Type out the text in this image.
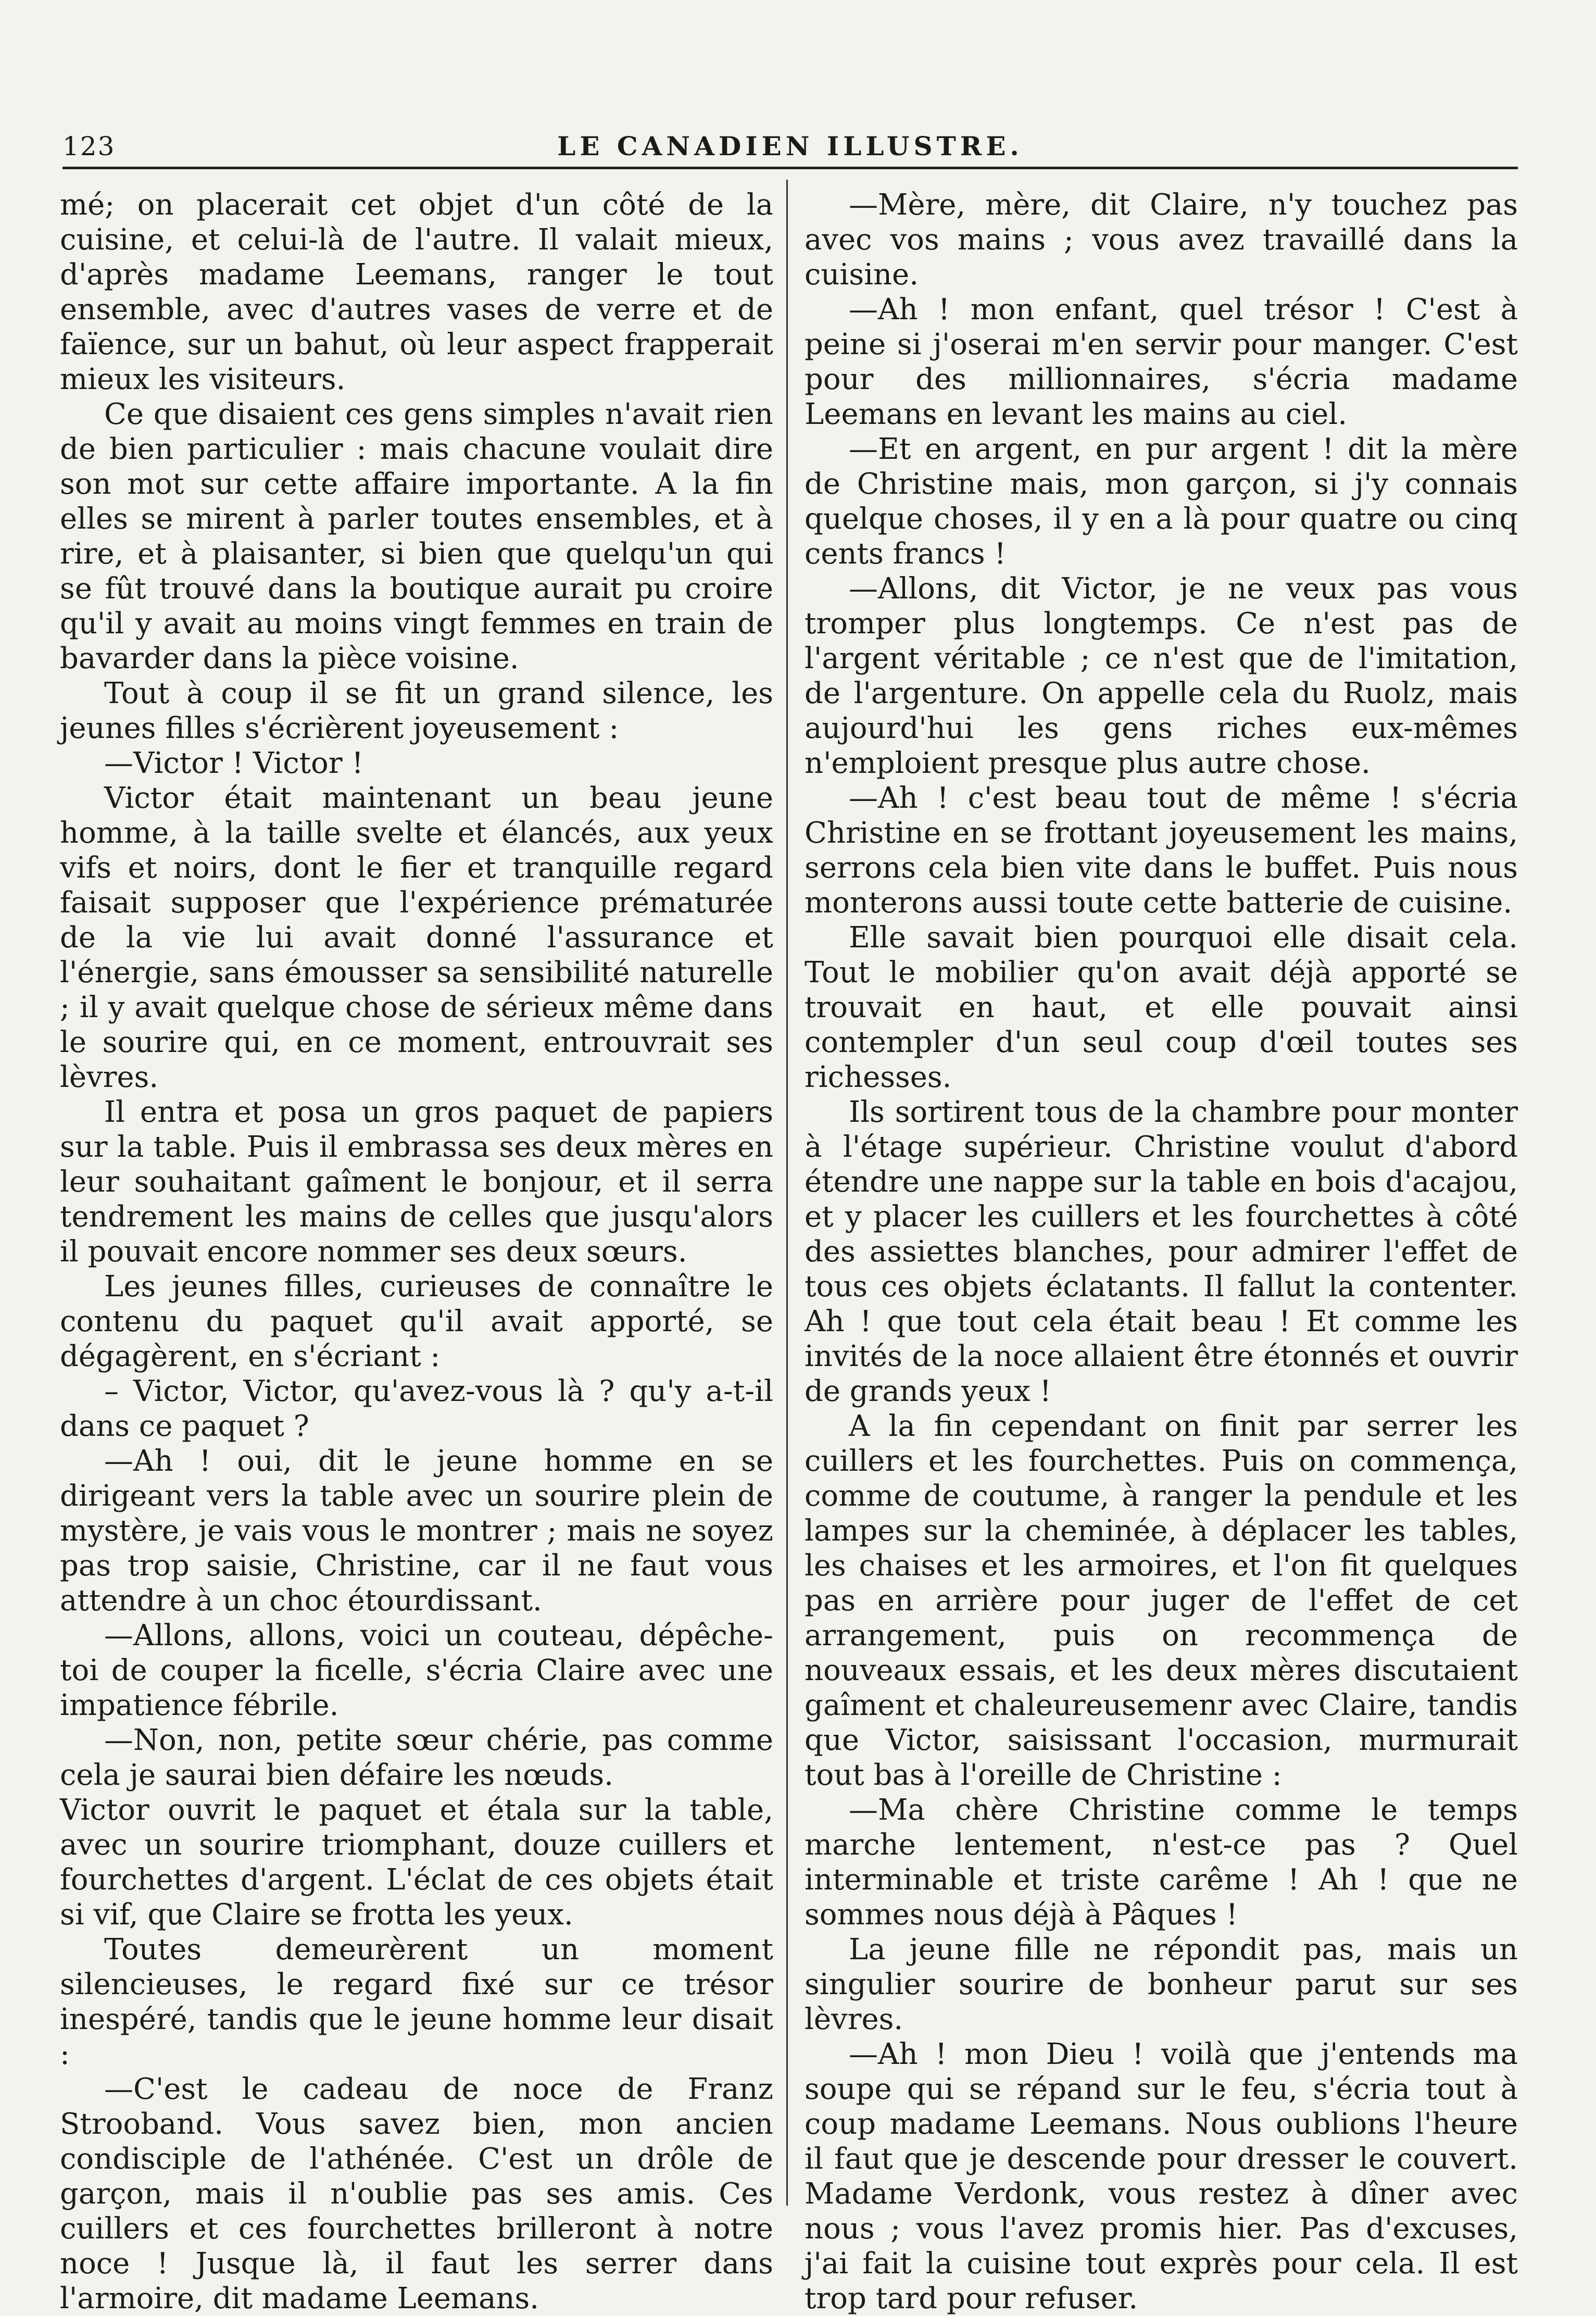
123	LE CANADIEN ILLUSTRE.

mé; on placerait cet objet d'un côté de la cuisine, et celui-là de l'autre. Il valait mieux, d'après madame Leemans, ranger le tout ensemble, avec d'autres vases de verre et de faïence, sur un bahut, où leur aspect frapperait mieux les visiteurs.

Ce que disaient ces gens simples n'avait rien de bien particulier : mais chacune voulait dire son mot sur cette affaire importante. A la fin elles se mirent à parler toutes ensembles, et à rire, et à plaisanter, si bien que quelqu'un qui se fût trouvé dans la boutique aurait pu croire qu'il y avait au moins vingt femmes en train de bavarder dans la pièce voisine.

Tout à coup il se fit un grand silence, les jeunes filles s'écrièrent joyeusement :

—Victor ! Victor !

Victor était maintenant un beau jeune homme, à la taille svelte et élancés, aux yeux vifs et noirs, dont le fier et tranquille regard faisait supposer que l'expérience prématurée de la vie lui avait donné l'assurance et l'énergie, sans émousser sa sensibilité naturelle ; il y avait quelque chose de sérieux même dans le sourire qui, en ce moment, entrouvrait ses lèvres.

Il entra et posa un gros paquet de papiers sur la table. Puis il embrassa ses deux mères en leur souhaitant gaîment le bonjour, et il serra tendrement les mains de celles que jusqu'alors il pouvait encore nommer ses deux sœurs.

Les jeunes filles, curieuses de connaître le contenu du paquet qu'il avait apporté, se dégagèrent, en s'écriant :

– Victor, Victor, qu'avez-vous là ? qu'y a-t-il dans ce paquet ?

—Ah ! oui, dit le jeune homme en se dirigeant vers la table avec un sourire plein de mystère, je vais vous le montrer ; mais ne soyez pas trop saisie, Christine, car il ne faut vous attendre à un choc étourdissant.

—Allons, allons, voici un couteau, dépêche-toi de couper la ficelle, s'écria Claire avec une impatience fébrile.

—Non, non, petite sœur chérie, pas comme cela je saurai bien défaire les nœuds.

Victor ouvrit le paquet et étala sur la table, avec un sourire triomphant, douze cuillers et fourchettes d'argent. L'éclat de ces objets était si vif, que Claire se frotta les yeux.

Toutes demeurèrent un moment silencieuses, le regard fixé sur ce trésor inespéré, tandis que le jeune homme leur disait :

—C'est le cadeau de noce de Franz Strooband. Vous savez bien, mon ancien condisciple de l'athénée. C'est un drôle de garçon, mais il n'oublie pas ses amis. Ces cuillers et ces fourchettes brilleront à notre noce ! Jusque là, il faut les serrer dans l'armoire, dit madame Leemans.

—Mère, mère, dit Claire, n'y touchez pas avec vos mains ; vous avez travaillé dans la cuisine.

—Ah ! mon enfant, quel trésor ! C'est à peine si j'oserai m'en servir pour manger. C'est pour des millionnaires, s'écria madame Leemans en levant les mains au ciel.

—Et en argent, en pur argent ! dit la mère de Christine mais, mon garçon, si j'y connais quelque choses, il y en a là pour quatre ou cinq cents francs !

—Allons, dit Victor, je ne veux pas vous tromper plus longtemps. Ce n'est pas de l'argent véritable ; ce n'est que de l'imitation, de l'argenture. On appelle cela du Ruolz, mais aujourd'hui les gens riches eux-mêmes n'emploient presque plus autre chose.

—Ah ! c'est beau tout de même ! s'écria Christine en se frottant joyeusement les mains, serrons cela bien vite dans le buffet. Puis nous monterons aussi toute cette batterie de cuisine.

Elle savait bien pourquoi elle disait cela. Tout le mobilier qu'on avait déjà apporté se trouvait en haut, et elle pouvait ainsi contempler d'un seul coup d'œil toutes ses richesses.

Ils sortirent tous de la chambre pour monter à l'étage supérieur. Christine voulut d'abord étendre une nappe sur la table en bois d'acajou, et y placer les cuillers et les fourchettes à côté des assiettes blanches, pour admirer l'effet de tous ces objets éclatants. Il fallut la contenter. Ah ! que tout cela était beau ! Et comme les invités de la noce allaient être étonnés et ouvrir de grands yeux !

A la fin cependant on finit par serrer les cuillers et les fourchettes. Puis on commença, comme de coutume, à ranger la pendule et les lampes sur la cheminée, à déplacer les tables, les chaises et les armoires, et l'on fit quelques pas en arrière pour juger de l'effet de cet arrangement, puis on recommença de nouveaux essais, et les deux mères discutaient gaîment et chaleureusemenr avec Claire, tandis que Victor, saisissant l'occasion, murmurait tout bas à l'oreille de Christine :

—Ma chère Christine comme le temps marche lentement, n'est-ce pas ? Quel interminable et triste carême ! Ah ! que ne sommes nous déjà à Pâques !

La jeune fille ne répondit pas, mais un singulier sourire de bonheur parut sur ses lèvres.

—Ah ! mon Dieu ! voilà que j'entends ma soupe qui se répand sur le feu, s'écria tout à coup madame Leemans. Nous oublions l'heure il faut que je descende pour dresser le couvert. Madame Verdonk, vous restez à dîner avec nous ; vous l'avez promis hier. Pas d'excuses, j'ai fait la cuisine tout exprès pour cela. Il est trop tard pour refuser.
